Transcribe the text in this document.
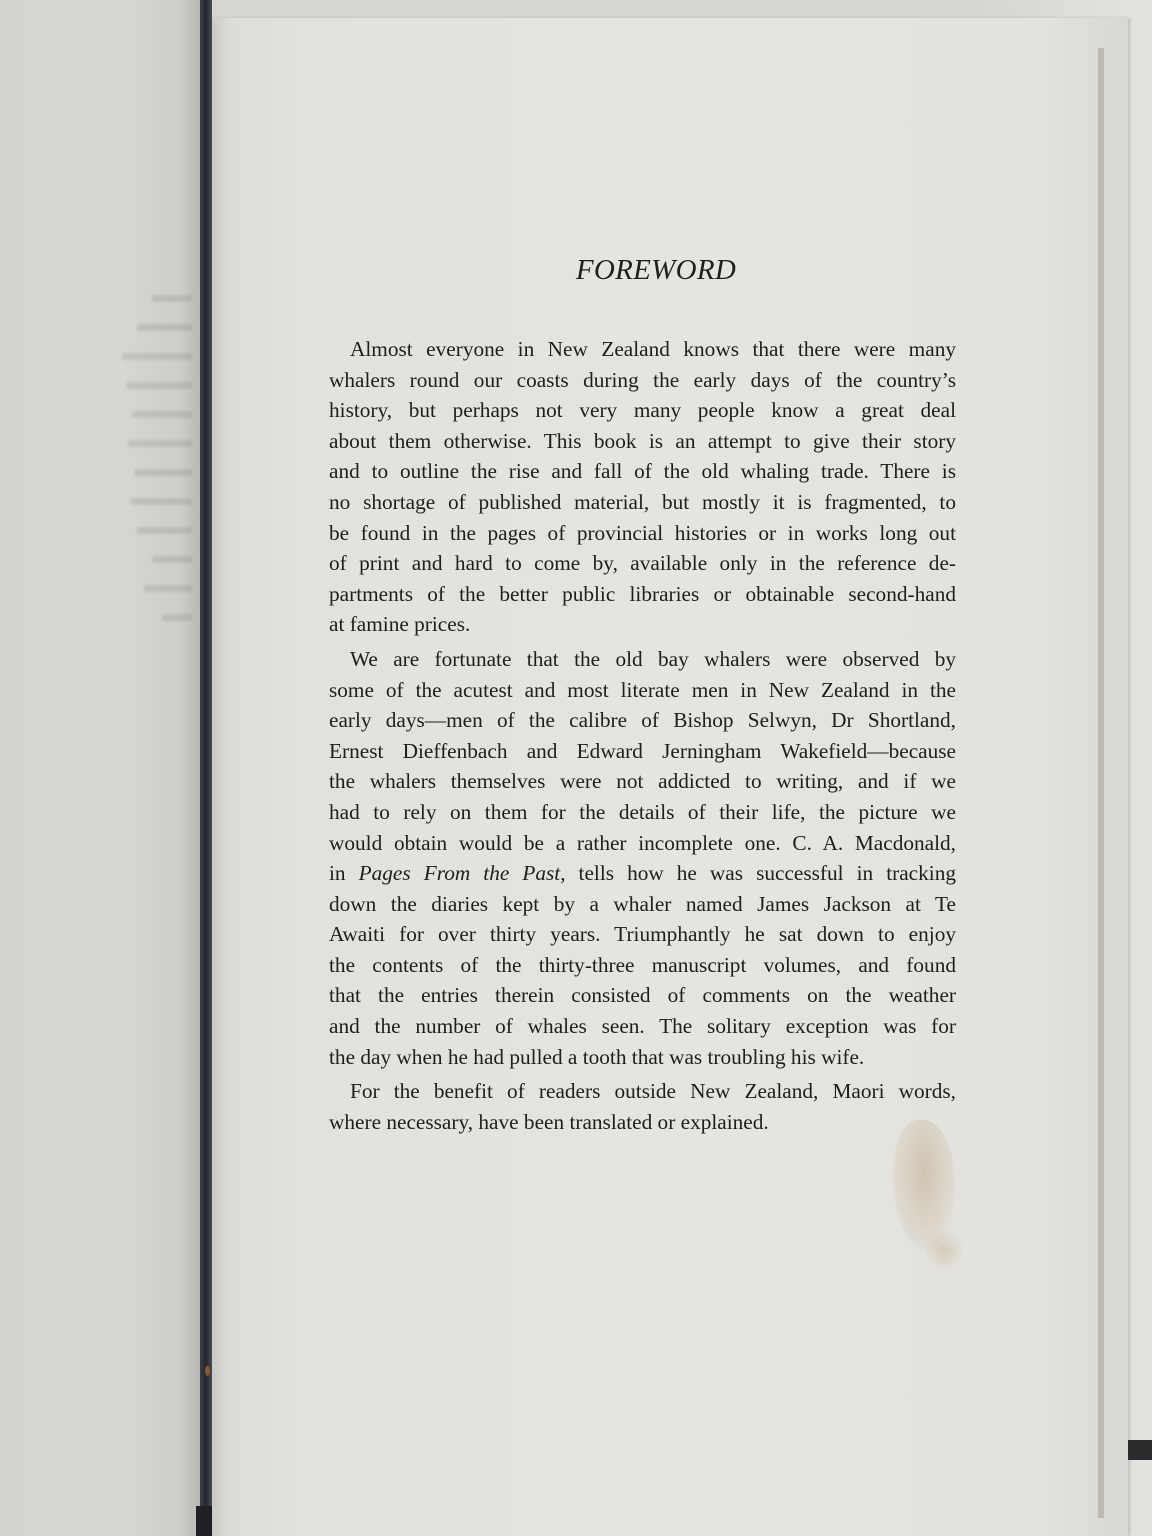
FOREWORD
Almost everyone in New Zealand knows that there were many
whalers round our coasts during the early days of the country’s
history, but perhaps not very many people know a great deal
about them otherwise. This book is an attempt to give their story
and to outline the rise and fall of the old whaling trade. There is
no shortage of published material, but mostly it is fragmented, to
be found in the pages of provincial histories or in works long out
of print and hard to come by, available only in the reference de-
partments of the better public libraries or obtainable second-hand
at famine prices.
We are fortunate that the old bay whalers were observed by
some of the acutest and most literate men in New Zealand in the
early days—men of the calibre of Bishop Selwyn, Dr Shortland,
Ernest Dieffenbach and Edward Jerningham Wakefield—because
the whalers themselves were not addicted to writing, and if we
had to rely on them for the details of their life, the picture we
would obtain would be a rather incomplete one. C. A. Macdonald,
in Pages From the Past, tells how he was successful in tracking
down the diaries kept by a whaler named James Jackson at Te
Awaiti for over thirty years. Triumphantly he sat down to enjoy
the contents of the thirty-three manuscript volumes, and found
that the entries therein consisted of comments on the weather
and the number of whales seen. The solitary exception was for
the day when he had pulled a tooth that was troubling his wife.
For the benefit of readers outside New Zealand, Maori words,
where necessary, have been translated or explained.
